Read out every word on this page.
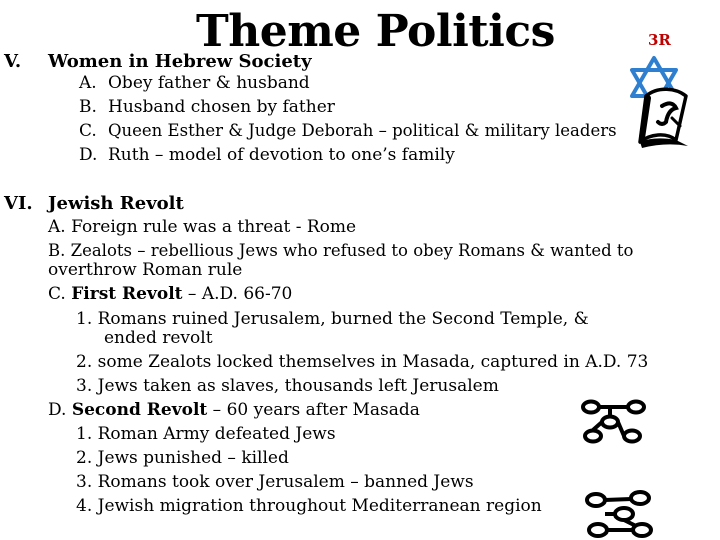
Theme Politics	3R
V. Women in Hebrew Society
A. Obey father & husband
B. Husband chosen by father
C. Queen Esther & Judge Deborah – political & military leaders
D. Ruth – model of devotion to one’s family
VI. Jewish Revolt
A. Foreign rule was a threat - Rome
B. Zealots – rebellious Jews who refused to obey Romans & wanted to
overthrow Roman rule
C. First Revolt – A.D. 66-70
1. Romans ruined Jerusalem, burned the Second Temple, &
ended revolt
2. some Zealots locked themselves in Masada, captured in A.D. 73
3. Jews taken as slaves, thousands left Jerusalem
D. Second Revolt – 60 years after Masada
1. Roman Army defeated Jews
2. Jews punished – killed
3. Romans took over Jerusalem – banned Jews
4. Jewish migration throughout Mediterranean region
